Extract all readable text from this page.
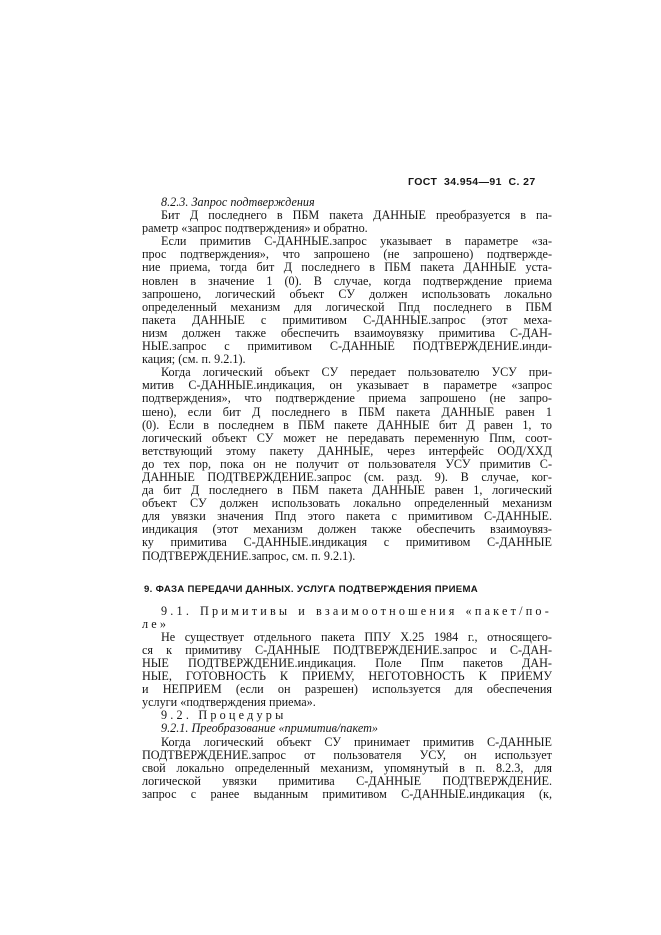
ГОСТ  34.954—91  С. 27
8.2.3. Запрос подтверждения
Бит Д последнего в ПБМ пакета ДАННЫЕ преобразуется в па-
раметр «запрос подтверждения» и обратно.
Если примитив С-ДАННЫЕ.запрос указывает в параметре «за-
прос подтверждения», что запрошено (не запрошено) подтвержде-
ние приема, тогда бит Д последнего в ПБМ пакета ДАННЫЕ уста-
новлен в значение 1 (0). В случае, когда подтверждение приема
запрошено, логический объект СУ должен использовать локально
определенный механизм для логической Ппд последнего в ПБМ
пакета ДАННЫЕ с примитивом С-ДАННЫЕ.запрос (этот меха-
низм должен также обеспечить взаимоувязку примитива С-ДАН-
НЫЕ.запрос с примитивом С-ДАННЫЕ ПОДТВЕРЖДЕНИЕ.инди-
кация; (см. п. 9.2.1).
Когда логический объект СУ передает пользователю УСУ при-
митив С-ДАННЫЕ.индикация, он указывает в параметре «запрос
подтверждения», что подтверждение приема запрошено (не запро-
шено), если бит Д последнего в ПБМ пакета ДАННЫЕ равен 1
(0). Если в последнем в ПБМ пакете ДАННЫЕ бит Д равен 1, то
логический объект СУ может не передавать переменную Ппм, соот-
ветствующий этому пакету ДАННЫЕ, через интерфейс ООД/ХХД
до тех пор, пока он не получит от пользователя УСУ примитив С-
ДАННЫЕ ПОДТВЕРЖДЕНИЕ.запрос (см. разд. 9). В случае, ког-
да бит Д последнего в ПБМ пакета ДАННЫЕ равен 1, логический
объект СУ должен использовать локально определенный механизм
для увязки значения Ппд этого пакета с примитивом С-ДАННЫЕ.
индикация (этот механизм должен также обеспечить взаимоувяз-
ку примитива С-ДАННЫЕ.индикация с примитивом С-ДАННЫЕ
ПОДТВЕРЖДЕНИЕ.запрос, см. п. 9.2.1).
9. ФАЗА ПЕРЕДАЧИ ДАННЫХ. УСЛУГА ПОДТВЕРЖДЕНИЯ ПРИЕМА
9.1. Примитивы и взаимоотношения «пакет/по-
ле»
Не существует отдельного пакета ППУ Х.25 1984 г., относящего-
ся к примитиву С-ДАННЫЕ ПОДТВЕРЖДЕНИЕ.запрос и С-ДАН-
НЫЕ ПОДТВЕРЖДЕНИЕ.индикация. Поле Ппм пакетов ДАН-
НЫЕ, ГОТОВНОСТЬ К ПРИЕМУ, НЕГОТОВНОСТЬ К ПРИЕМУ
и НЕПРИЕМ (если он разрешен) используется для обеспечения
услуги «подтверждения приема».
9.2. Процедуры
9.2.1. Преобразование «примитив/пакет»
Когда логический объект СУ принимает примитив С-ДАННЫЕ
ПОДТВЕРЖДЕНИЕ.запрос от пользователя УСУ, он использует
свой локально определенный механизм, упомянутый в п. 8.2.3, для
логической увязки примитива С-ДАННЫЕ ПОДТВЕРЖДЕНИЕ.
запрос с ранее выданным примитивом С-ДАННЫЕ.индикация (к,
